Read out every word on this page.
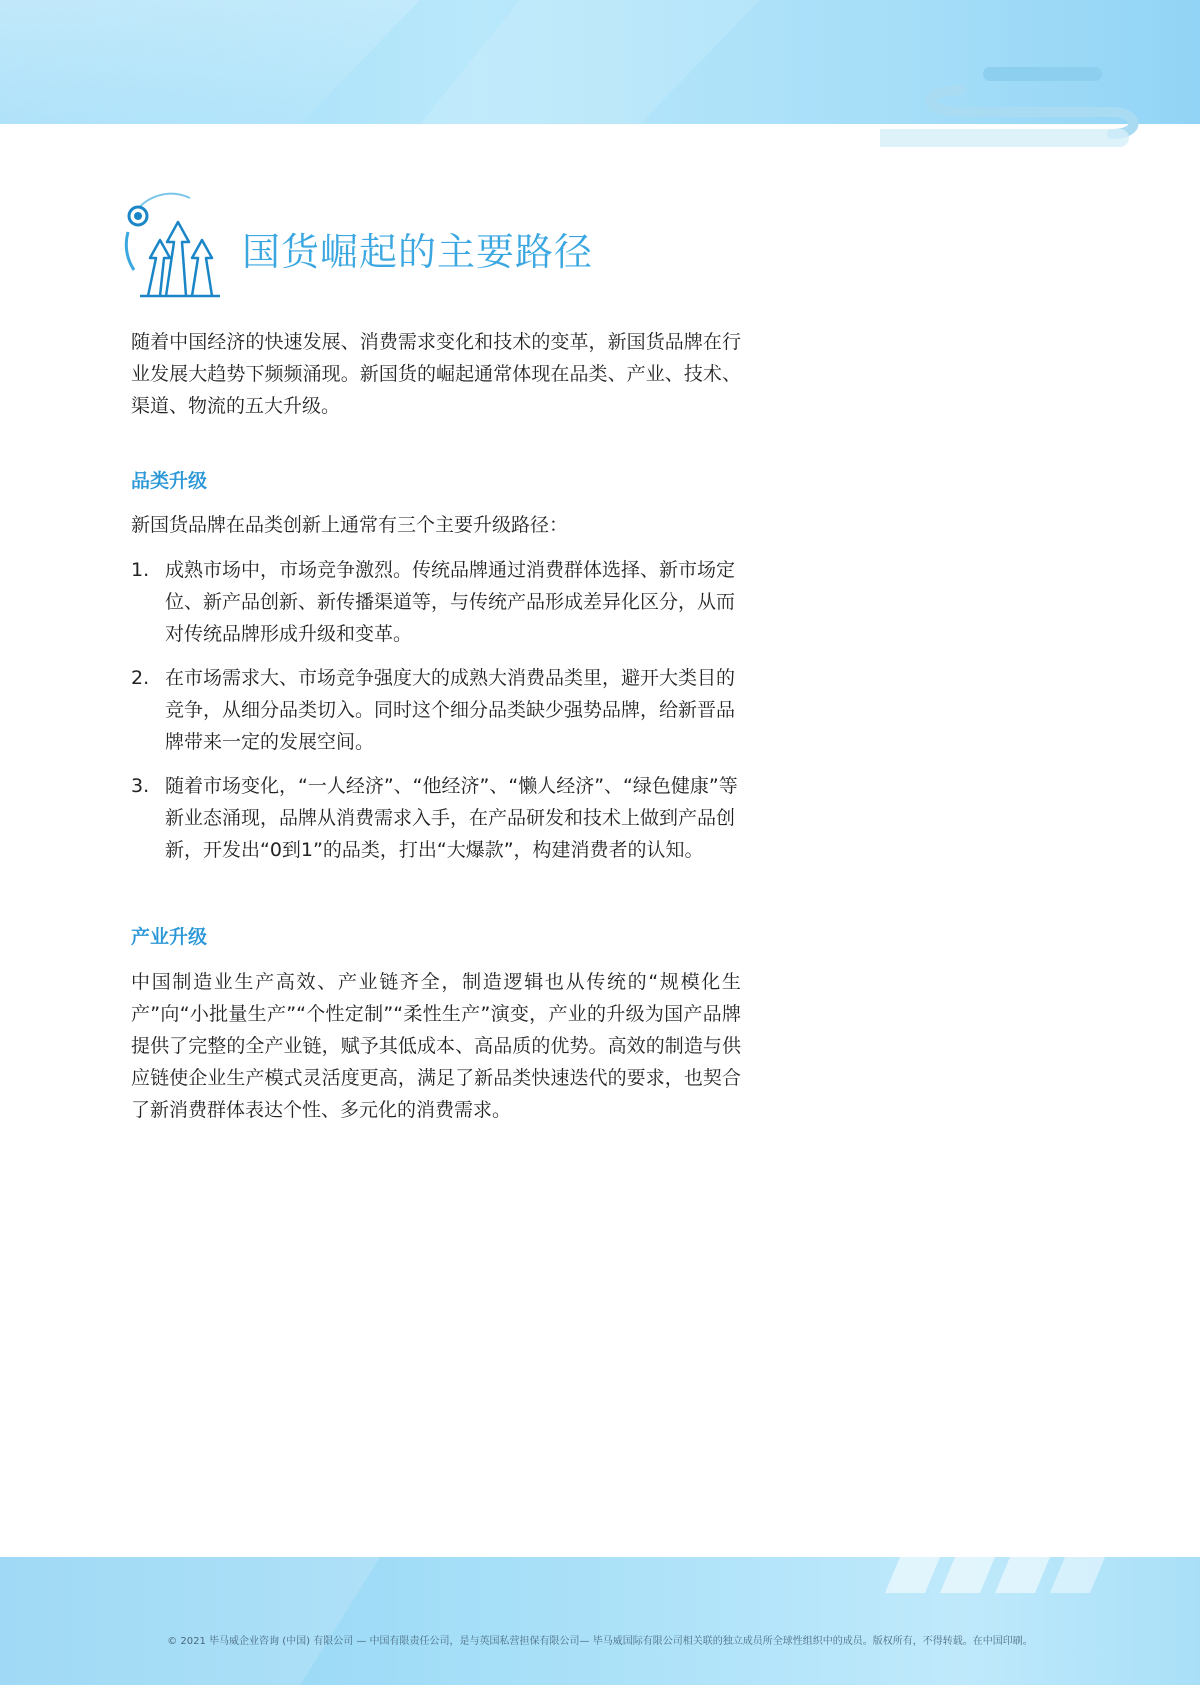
国货崛起的主要路径

随着中国经济的快速发展、消费需求变化和技术的变革，新国货品牌在行业发展大趋势下频频涌现。新国货的崛起通常体现在品类、产业、技术、渠道、物流的五大升级。

品类升级

新国货品牌在品类创新上通常有三个主要升级路径：

1. 成熟市场中，市场竞争激烈。传统品牌通过消费群体选择、新市场定位、新产品创新、新传播渠道等，与传统产品形成差异化区分，从而对传统品牌形成升级和变革。
2. 在市场需求大、市场竞争强度大的成熟大消费品类里，避开大类目的竞争，从细分品类切入。同时这个细分品类缺少强势品牌，给新晋品牌带来一定的发展空间。
3. 随着市场变化，“一人经济”、“他经济”、“懒人经济”、“绿色健康”等新业态涌现，品牌从消费需求入手，在产品研发和技术上做到产品创新，开发出“0到1”的品类，打出“大爆款”，构建消费者的认知。
产业升级

中国制造业生产高效、产业链齐全，制造逻辑也从传统的“规模化生产”向“小批量生产”“个性定制”“柔性生产”演变，产业的升级为国产品牌提供了完整的全产业链，赋予其低成本、高品质的优势。高效的制造与供应链使企业生产模式灵活度更高，满足了新品类快速迭代的要求，也契合了新消费群体表达个性、多元化的消费需求。

© 2021 毕马威企业咨询 (中国) 有限公司 — 中国有限责任公司，是与英国私营担保有限公司— 毕马威国际有限公司相关联的独立成员所全球性组织中的成员。版权所有，不得转载。在中国印刷。
